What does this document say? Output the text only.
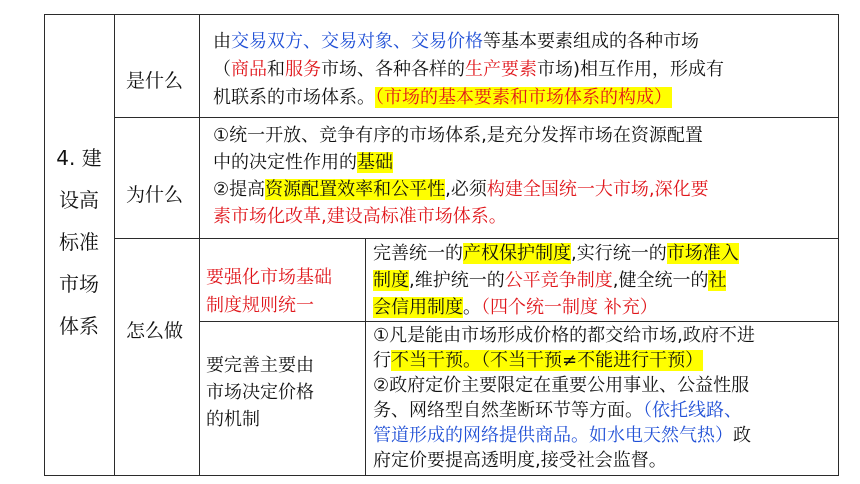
4. 建
设高
标准
市场
体系
是什么
为什么
怎么做
要强化市场基础
制度规则统一
要完善主要由
市场决定价格
的机制
由交易双方、交易对象、交易价格等基本要素组成的各种市场
（商品和服务市场、各种各样的生产要素市场)相互作用，形成有
机联系的市场体系。（市场的基本要素和市场体系的构成）
①统一开放、竞争有序的市场体系,是充分发挥市场在资源配置
中的决定性作用的基础
②提高资源配置效率和公平性,必须构建全国统一大市场,深化要
素市场化改革,建设高标准市场体系。
完善统一的产权保护制度,实行统一的市场准入
制度,维护统一的公平竞争制度,健全统一的社
会信用制度。（四个统一制度 补充）
①凡是能由市场形成价格的都交给市场,政府不进
行不当干预。（不当干预≠不能进行干预）
②政府定价主要限定在重要公用事业、公益性服
务、网络型自然垄断环节等方面。（依托线路、
管道形成的网络提供商品。如水电天然气热）政
府定价要提高透明度,接受社会监督。
